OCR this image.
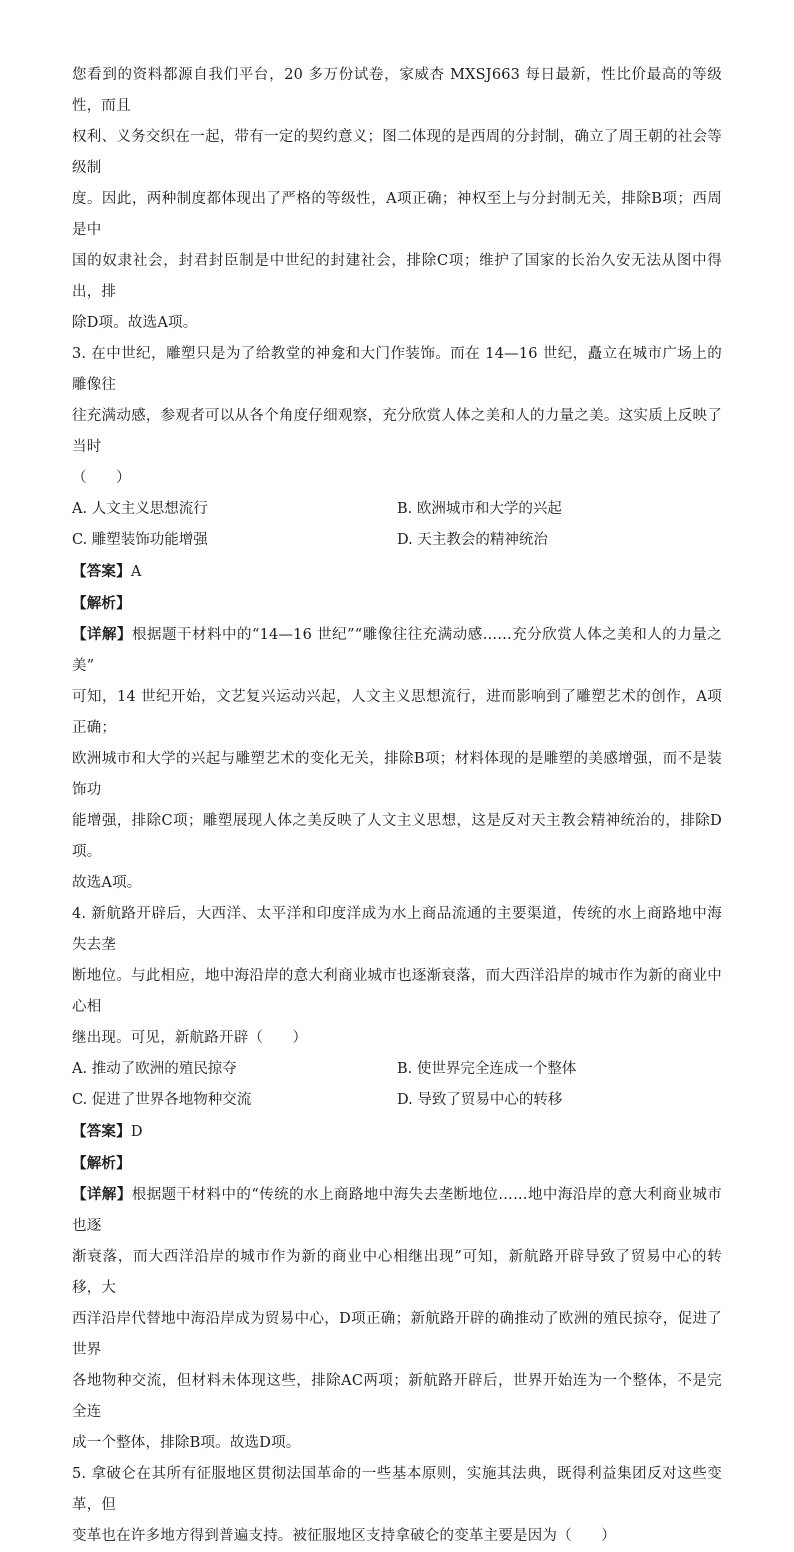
您看到的资料都源自我们平台，20 多万份试卷，家威杏 MXSJ663 每日最新，性比价最高的等级性，而且

权利、义务交织在一起，带有一定的契约意义；图二体现的是西周的分封制，确立了周王朝的社会等级制

度。因此，两种制度都体现出了严格的等级性，A项正确；神权至上与分封制无关，排除B项；西周是中

国的奴隶社会，封君封臣制是中世纪的封建社会，排除C项；维护了国家的长治久安无法从图中得出，排

除D项。故选A项。

3. 在中世纪，雕塑只是为了给教堂的神龛和大门作装饰。而在 14—16 世纪，矗立在城市广场上的雕像往

往充满动感，参观者可以从各个角度仔细观察，充分欣赏人体之美和人的力量之美。这实质上反映了当时

（　　）

A. 人文主义思想流行	B. 欧洲城市和大学的兴起
C. 雕塑装饰功能增强	D. 天主教会的精神统治

【答案】A

【解析】

【详解】根据题干材料中的“14—16 世纪”“雕像往往充满动感……充分欣赏人体之美和人的力量之美”

可知，14 世纪开始，文艺复兴运动兴起，人文主义思想流行，进而影响到了雕塑艺术的创作，A项正确；

欧洲城市和大学的兴起与雕塑艺术的变化无关，排除B项；材料体现的是雕塑的美感增强，而不是装饰功

能增强，排除C项；雕塑展现人体之美反映了人文主义思想，这是反对天主教会精神统治的，排除D项。

故选A项。

4. 新航路开辟后，大西洋、太平洋和印度洋成为水上商品流通的主要渠道，传统的水上商路地中海失去垄

断地位。与此相应，地中海沿岸的意大利商业城市也逐渐衰落，而大西洋沿岸的城市作为新的商业中心相

继出现。可见，新航路开辟（　　）

A. 推动了欧洲的殖民掠夺	B. 使世界完全连成一个整体
C. 促进了世界各地物种交流	D. 导致了贸易中心的转移

【答案】D

【解析】

【详解】根据题干材料中的“传统的水上商路地中海失去垄断地位……地中海沿岸的意大利商业城市也逐

渐衰落，而大西洋沿岸的城市作为新的商业中心相继出现”可知，新航路开辟导致了贸易中心的转移，大

西洋沿岸代替地中海沿岸成为贸易中心，D项正确；新航路开辟的确推动了欧洲的殖民掠夺，促进了世界

各地物种交流，但材料未体现这些，排除AC两项；新航路开辟后，世界开始连为一个整体，不是完全连

成一个整体，排除B项。故选D项。

5. 拿破仑在其所有征服地区贯彻法国革命的一些基本原则，实施其法典，既得利益集团反对这些变革，但

变革也在许多地方得到普遍支持。被征服地区支持拿破仑的变革主要是因为（　　）
